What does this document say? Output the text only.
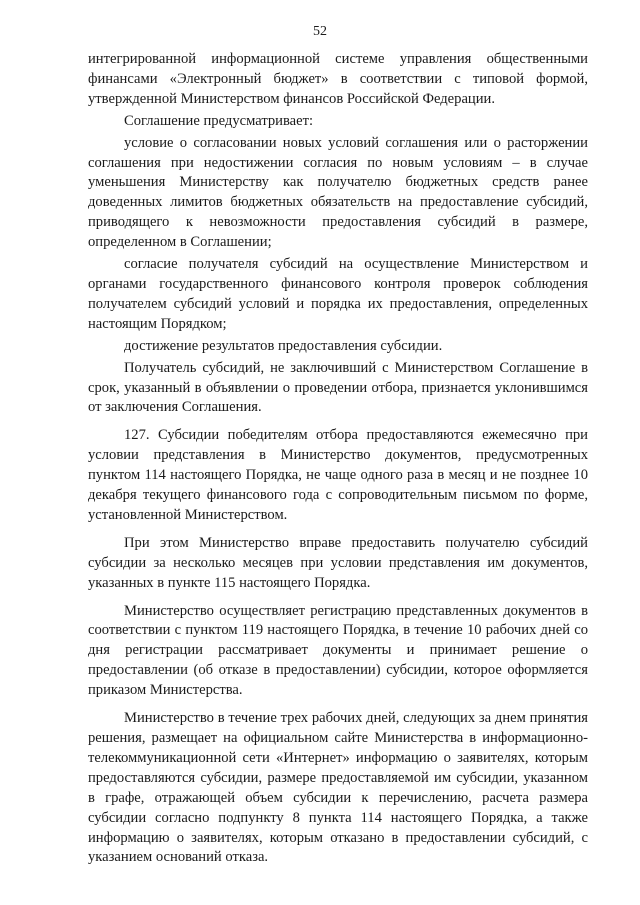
52

интегрированной информационной системе управления общественными финансами «Электронный бюджет» в соответствии с типовой формой, утвержденной Министерством финансов Российской Федерации.

Соглашение предусматривает:

условие о согласовании новых условий соглашения или о расторжении соглашения при недостижении согласия по новым условиям – в случае уменьшения Министерству как получателю бюджетных средств ранее доведенных лимитов бюджетных обязательств на предоставление субсидий, приводящего к невозможности предоставления субсидий в размере, определенном в Соглашении;

согласие получателя субсидий на осуществление Министерством и органами государственного финансового контроля проверок соблюдения получателем субсидий условий и порядка их предоставления, определенных настоящим Порядком;

достижение результатов предоставления субсидии.

Получатель субсидий, не заключивший с Министерством Соглашение в срок, указанный в объявлении о проведении отбора, признается уклонившимся от заключения Соглашения.

127. Субсидии победителям отбора предоставляются ежемесячно при условии представления в Министерство документов, предусмотренных пунктом 114 настоящего Порядка, не чаще одного раза в месяц и не позднее 10 декабря текущего финансового года с сопроводительным письмом по форме, установленной Министерством.

При этом Министерство вправе предоставить получателю субсидий субсидии за несколько месяцев при условии представления им документов, указанных в пункте 115 настоящего Порядка.

Министерство осуществляет регистрацию представленных документов в соответствии с пунктом 119 настоящего Порядка, в течение 10 рабочих дней со дня регистрации рассматривает документы и принимает решение о предоставлении (об отказе в предоставлении) субсидии, которое оформляется приказом Министерства.

Министерство в течение трех рабочих дней, следующих за днем принятия решения, размещает на официальном сайте Министерства в информационно-телекоммуникационной сети «Интернет» информацию о заявителях, которым предоставляются субсидии, размере предоставляемой им субсидии, указанном в графе, отражающей объем субсидии к перечислению, расчета размера субсидии согласно подпункту 8 пункта 114 настоящего Порядка, а также информацию о заявителях, которым отказано в предоставлении субсидий, с указанием оснований отказа.
